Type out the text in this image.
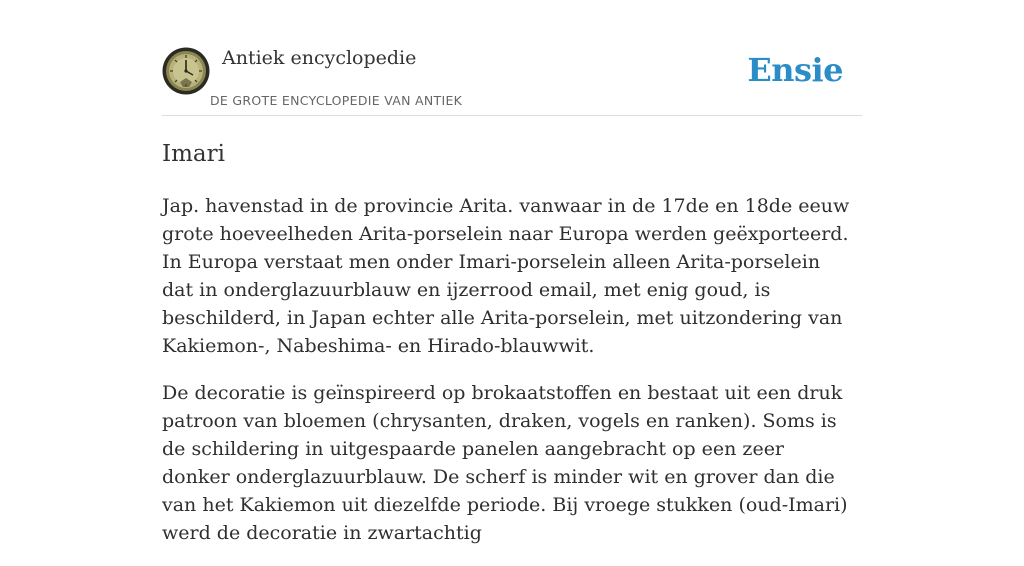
Antiek encyclopedie
DE GROTE ENCYCLOPEDIE VAN ANTIEK
Ensie
Imari

Jap. havenstad in de provincie Arita. vanwaar in de 17de en 18de eeuw grote hoeveelheden Arita-porselein naar Europa werden geëxporteerd. In Europa verstaat men onder Imari-porselein alleen Arita-porselein dat in onderglazuurblauw en ijzerrood email, met enig goud, is beschilderd, in Japan echter alle Arita-porselein, met uitzondering van Kakiemon-, Nabeshima- en Hirado-blauwwit.

De decoratie is geïnspireerd op brokaatstoffen en bestaat uit een druk patroon van bloemen (chrysanten, draken, vogels en ranken). Soms is de schildering in uitgespaarde panelen aangebracht op een zeer donker onderglazuurblauw. De scherf is minder wit en grover dan die van het Kakiemon uit diezelfde periode. Bij vroege stukken (oud-Imari) werd de decoratie in zwartachtig
